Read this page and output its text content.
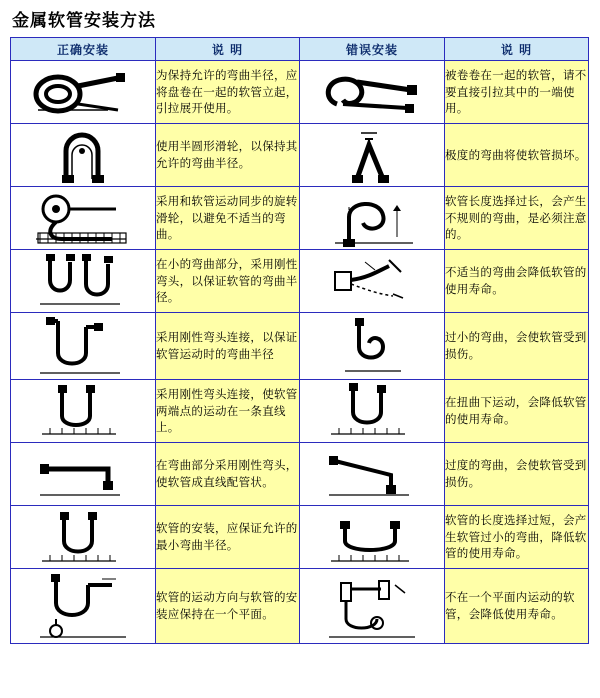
金属软管安装方法
正确安装	说 明	错误安装	说 明

	为保持允许的弯曲半径，应将盘卷在一起的软管立起，引拉展开使用。		被卷卷在一起的软管，请不要直接引拉其中的一端使用。

	使用半圆形滑轮，以保持其允许的弯曲半径。		极度的弯曲将使软管损坏。

	采用和软管运动同步的旋转滑轮，以避免不适当的弯曲。		软管长度选择过长，会产生不规则的弯曲，是必须注意的。

	在小的弯曲部分，采用刚性弯头，以保证软管的弯曲半径。		不适当的弯曲会降低软管的使用寿命。

	采用刚性弯头连接，以保证软管运动时的弯曲半径		过小的弯曲，会使软管受到损伤。

	采用刚性弯头连接，使软管两端点的运动在一条直线上。		在扭曲下运动，会降低软管的使用寿命。

	在弯曲部分采用刚性弯头，使软管成直线配管状。		过度的弯曲，会使软管受到损伤。

	软管的安装，应保证允许的最小弯曲半径。		软管的长度选择过短，会产生软管过小的弯曲，降低软管的使用寿命。

	软管的运动方向与软管的安装应保持在一个平面。		不在一个平面内运动的软管，会降低使用寿命。
